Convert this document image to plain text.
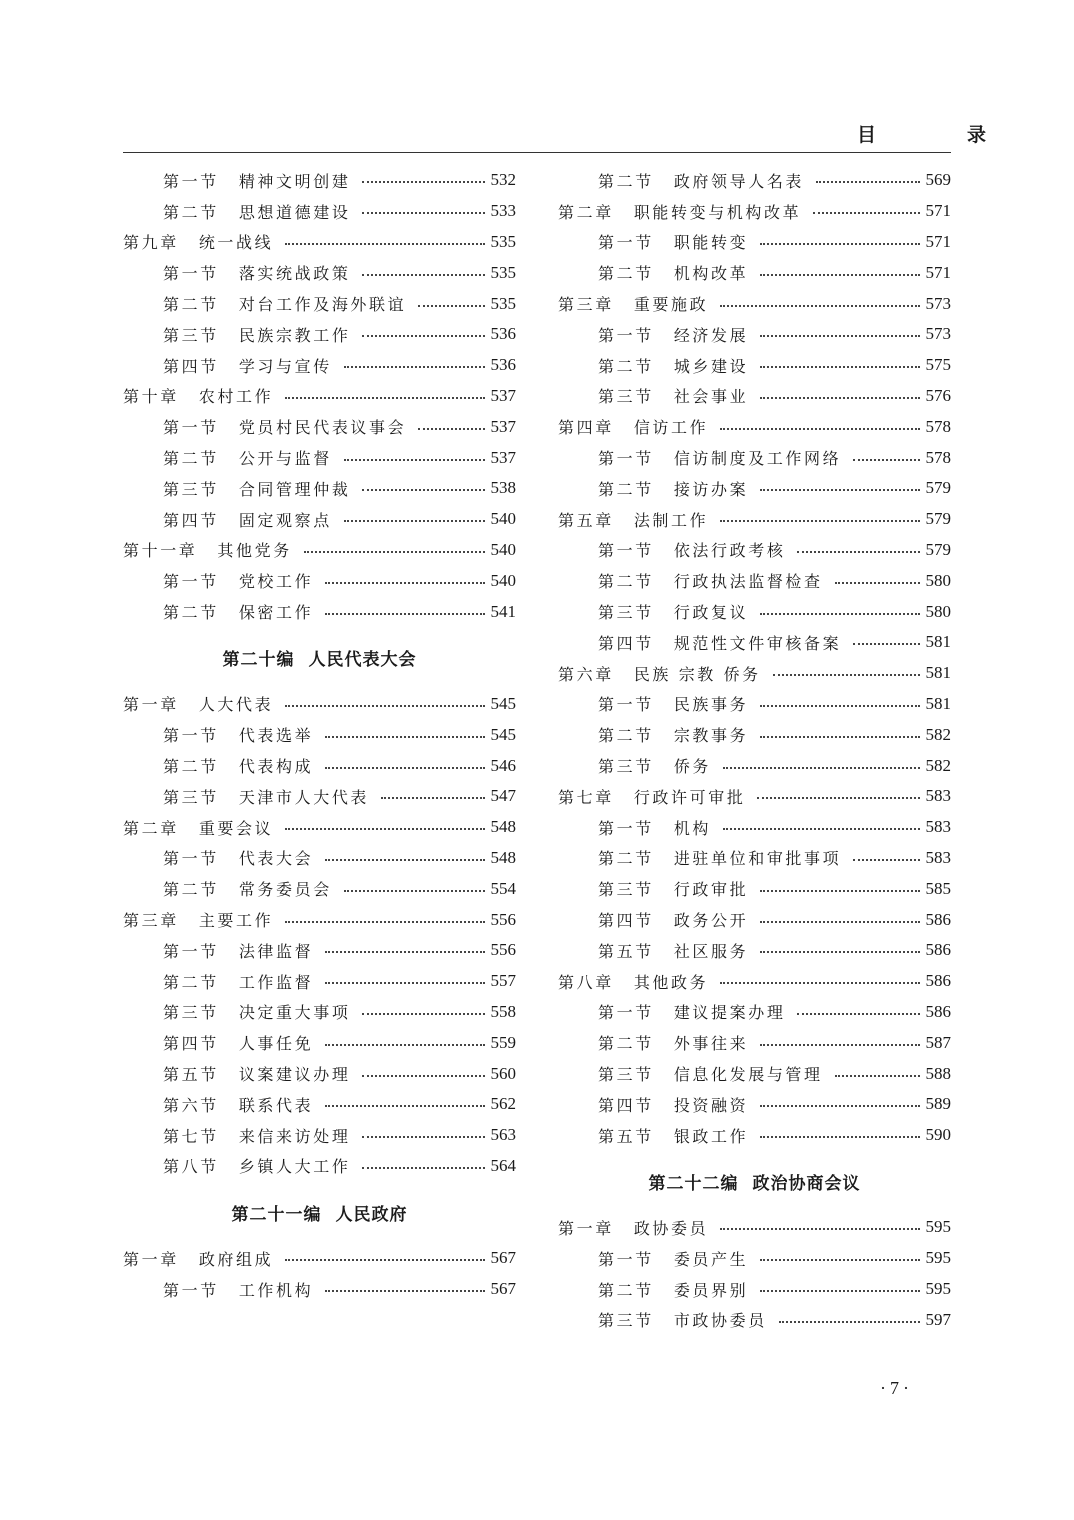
目　录
第一节 精神文明创建	532
第二节 思想道德建设	533
第九章 统一战线	535
第一节 落实统战政策	535
第二节 对台工作及海外联谊	535
第三节 民族宗教工作	536
第四节 学习与宣传	536
第十章 农村工作	537
第一节 党员村民代表议事会	537
第二节 公开与监督	537
第三节 合同管理仲裁	538
第四节 固定观察点	540
第十一章 其他党务	540
第一节 党校工作	540
第二节 保密工作	541
第二十编 人民代表大会
第一章 人大代表	545
第一节 代表选举	545
第二节 代表构成	546
第三节 天津市人大代表	547
第二章 重要会议	548
第一节 代表大会	548
第二节 常务委员会	554
第三章 主要工作	556
第一节 法律监督	556
第二节 工作监督	557
第三节 决定重大事项	558
第四节 人事任免	559
第五节 议案建议办理	560
第六节 联系代表	562
第七节 来信来访处理	563
第八节 乡镇人大工作	564
第二十一编 人民政府
第一章 政府组成	567
第一节 工作机构	567
第二节 政府领导人名表	569
第二章 职能转变与机构改革	571
第一节 职能转变	571
第二节 机构改革	571
第三章 重要施政	573
第一节 经济发展	573
第二节 城乡建设	575
第三节 社会事业	576
第四章 信访工作	578
第一节 信访制度及工作网络	578
第二节 接访办案	579
第五章 法制工作	579
第一节 依法行政考核	579
第二节 行政执法监督检查	580
第三节 行政复议	580
第四节 规范性文件审核备案	581
第六章 民族 宗教 侨务	581
第一节 民族事务	581
第二节 宗教事务	582
第三节 侨务	582
第七章 行政许可审批	583
第一节 机构	583
第二节 进驻单位和审批事项	583
第三节 行政审批	585
第四节 政务公开	586
第五节 社区服务	586
第八章 其他政务	586
第一节 建议提案办理	586
第二节 外事往来	587
第三节 信息化发展与管理	588
第四节 投资融资	589
第五节 银政工作	590
第二十二编 政治协商会议
第一章 政协委员	595
第一节 委员产生	595
第二节 委员界别	595
第三节 市政协委员	597
·7·
